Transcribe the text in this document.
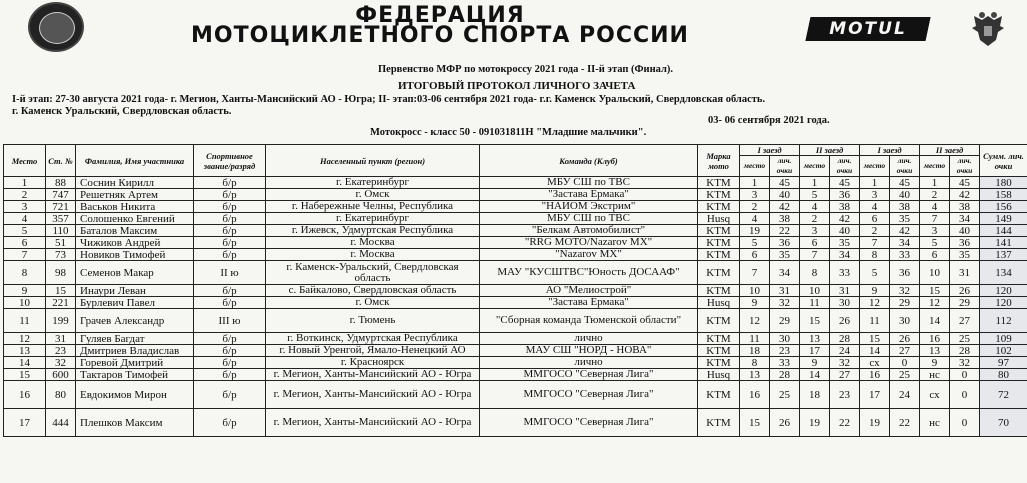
ФЕДЕРАЦИЯ
МОТОЦИКЛЕТНОГО СПОРТА РОССИИ	MOTUL
Первенство МФР по мотокроссу 2021 года - II-й этап (Финал).
ИТОГОВЫЙ ПРОТОКОЛ ЛИЧНОГО ЗАЧЕТА
I-й этап: 27-30 августа 2021 года- г. Мегион, Ханты-Мансийский АО - Югра; II- этап:03-06 сентября 2021 года- г.г. Каменск Уральский, Свердловская область.
г. Каменск Уральский, Свердловская область.
03- 06 сентября 2021 года.
Мотокросс - класс 50 - 091031811Н "Младшие мальчики".
Место	Ст. №	Фамилия, Имя участника	Спортивное звание/разряд	Населенный пункт (регион)	Команда (Клуб)	Марка мото	I заезд		II заезд		I заезд		II заезд		Сумм. лич. очки
							место	лич. очки	место	лич. очки	место	лич. очки	место	лич. очки	
1	88	Соснин Кирилл	б/р	г. Екатеринбург	МБУ СШ по ТВС	KTM	1	45	1	45	1	45	1	45	180
2	747	Решетняк Артем	б/р	г. Омск	"Застава Ермака"	KTM	3	40	5	36	3	40	2	42	158
3	721	Васьков Никита	б/р	г. Набережные Челны, Республика	"НАИОМ Экстрим"	KTM	2	42	4	38	4	38	4	38	156
4	357	Солошенко Евгений	б/р	г. Екатеринбург	МБУ СШ по ТВС	Husq	4	38	2	42	6	35	7	34	149
5	110	Баталов Максим	б/р	г. Ижевск, Удмуртская Республика	"Белкам Автомобилист"	KTM	19	22	3	40	2	42	3	40	144
6	51	Чижиков Андрей	б/р	г. Москва	"RRG MOTO/Nazarov MX"	KTM	5	36	6	35	7	34	5	36	141
7	73	Новиков Тимофей	б/р	г. Москва	"Nazarov MX"	KTM	6	35	7	34	8	33	6	35	137
8	98	Семенов Макар	II ю	г. Каменск-Уральский, Свердловская область	МАУ "КУСШТВС"Юность ДОСААФ"	KTM	7	34	8	33	5	36	10	31	134
9	15	Инаури Леван	б/р	с. Байкалово, Свердловская область	АО "Мелиострой"	KTM	10	31	10	31	9	32	15	26	120
10	221	Бурлевич Павел	б/р	г. Омск	"Застава Ермака"	Husq	9	32	11	30	12	29	12	29	120
11	199	Грачев Александр	III ю	г. Тюмень	"Сборная команда Тюменской области"	KTM	12	29	15	26	11	30	14	27	112
12	31	Гуляев Багдат	б/р	г. Воткинск, Удмуртская Республика	лично	KTM	11	30	13	28	15	26	16	25	109
13	23	Дмитриев Владислав	б/р	г. Новый Уренгой, Ямало-Ненецкий АО	МАУ СШ "НОРД - НОВА"	KTM	18	23	17	24	14	27	13	28	102
14	32	Горевой Дмитрий	б/р	г. Красноярск	лично	KTM	8	33	9	32	сх	0	9	32	97
15	600	Тактаров Тимофей	б/р	г. Мегион, Ханты-Мансийский АО - Югра	ММГОСО "Северная Лига"	Husq	13	28	14	27	16	25	нс	0	80
16	80	Евдокимов Мирон	б/р	г. Мегион, Ханты-Мансийский АО - Югра	ММГОСО "Северная Лига"	KTM	16	25	18	23	17	24	сх	0	72
17	444	Плешков Максим	б/р	г. Мегион, Ханты-Мансийский АО - Югра	ММГОСО "Северная Лига"	KTM	15	26	19	22	19	22	нс	0	70
